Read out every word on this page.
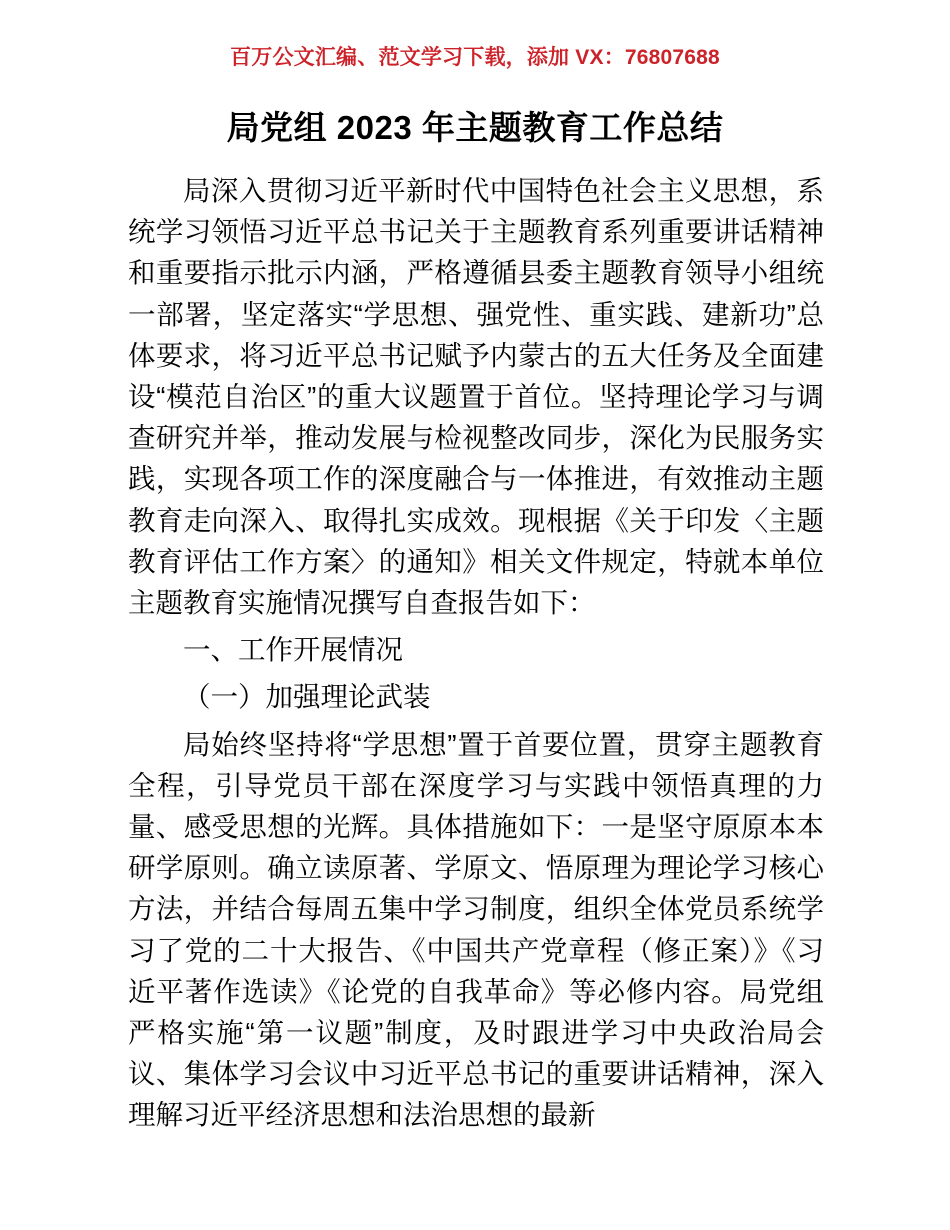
百万公文汇编、范文学习下载，添加 VX：76807688
局党组 2023 年主题教育工作总结

局深入贯彻习近平新时代中国特色社会主义思想，系统学习领悟习近平总书记关于主题教育系列重要讲话精神和重要指示批示内涵，严格遵循县委主题教育领导小组统一部署，坚定落实“学思想、强党性、重实践、建新功”总体要求，将习近平总书记赋予内蒙古的五大任务及全面建设“模范自治区”的重大议题置于首位。坚持理论学习与调查研究并举，推动发展与检视整改同步，深化为民服务实践，实现各项工作的深度融合与一体推进，有效推动主题教育走向深入、取得扎实成效。现根据《关于印发〈主题教育评估工作方案〉的通知》相关文件规定，特就本单位主题教育实施情况撰写自查报告如下：

一、工作开展情况

（一）加强理论武装

局始终坚持将“学思想”置于首要位置，贯穿主题教育全程，引导党员干部在深度学习与实践中领悟真理的力量、感受思想的光辉。具体措施如下：一是坚守原原本本研学原则。确立读原著、学原文、悟原理为理论学习核心方法，并结合每周五集中学习制度，组织全体党员系统学习了党的二十大报告、《中国共产党章程（修正案）》《习近平著作选读》《论党的自我革命》等必修内容。局党组严格实施“第一议题”制度，及时跟进学习中央政治局会议、集体学习会议中习近平总书记的重要讲话精神，深入理解习近平经济思想和法治思想的最新
